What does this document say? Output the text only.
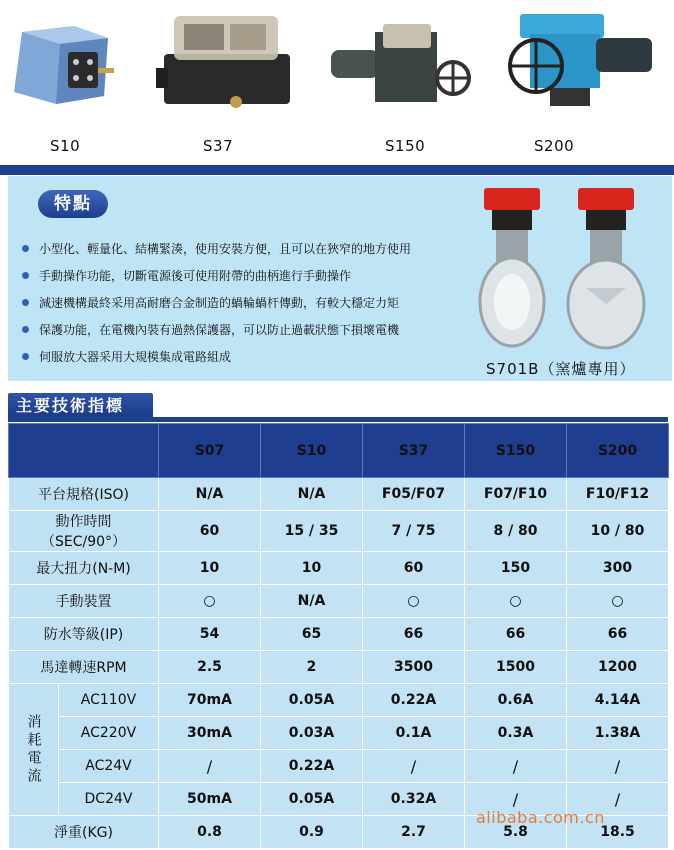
S10	S37	S150	S200
特點
小型化、輕量化、結構緊湊，使用安裝方便，且可以在狹窄的地方使用
手動操作功能，切斷電源後可使用附帶的曲柄進行手動操作
減速機構最終采用高耐磨合金制造的蝸輪蝸杆傳動，有較大穩定力矩
保護功能，在電機內裝有過熱保護器，可以防止過載狀態下損壞電機
伺服放大器采用大規模集成電路組成
S701B（窯爐專用）
主要技術指標
		S07	S10	S37	S150	S200
平台規格(ISO)		N/A	N/A	F05/F07	F07/F10	F10/F12

動作時間
（SEC/90°）		60	15 / 35	7 / 75	8 / 80	10 / 80
最大扭力(N-M)		10	10	60	150	300
手動裝置		○	N/A	○	○	○
防水等級(IP)		54	65	66	66	66
馬達轉速RPM		2.5	2	3500	1500	1200

消耗電流	AC110V	70mA	0.05A	0.22A	0.6A	4.14A
	AC220V	30mA	0.03A	0.1A	0.3A	1.38A
	AC24V	/	0.22A	/	/	/
	DC24V	50mA	0.05A	0.32A	/	/
淨重(KG)		0.8	0.9	2.7	5.8	18.5
alibaba.com.cn
